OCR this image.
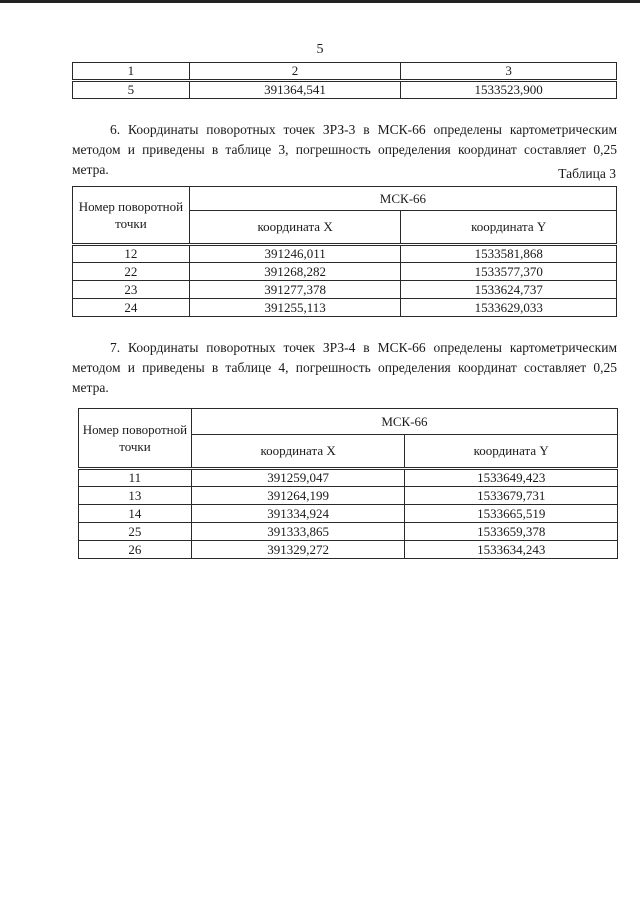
5
1	2	3
5	391364,541	1533523,900

6. Координаты поворотных точек ЗРЗ-3 в МСК-66 определены картометрическим методом и приведены в таблице 3, погрешность определения координат составляет 0,25 метра.	Таблица 3
Номер поворотной точки	МСК-66	
	координата X	координата Y
12	391246,011	1533581,868
22	391268,282	1533577,370
23	391277,378	1533624,737
24	391255,113	1533629,033

7. Координаты поворотных точек ЗРЗ-4 в МСК-66 определены картометрическим методом и приведены в таблице 4, погрешность определения координат составляет 0,25 метра.

Номер поворотной точки	МСК-66	
	координата X	координата Y
11	391259,047	1533649,423
13	391264,199	1533679,731
14	391334,924	1533665,519
25	391333,865	1533659,378
26	391329,272	1533634,243
